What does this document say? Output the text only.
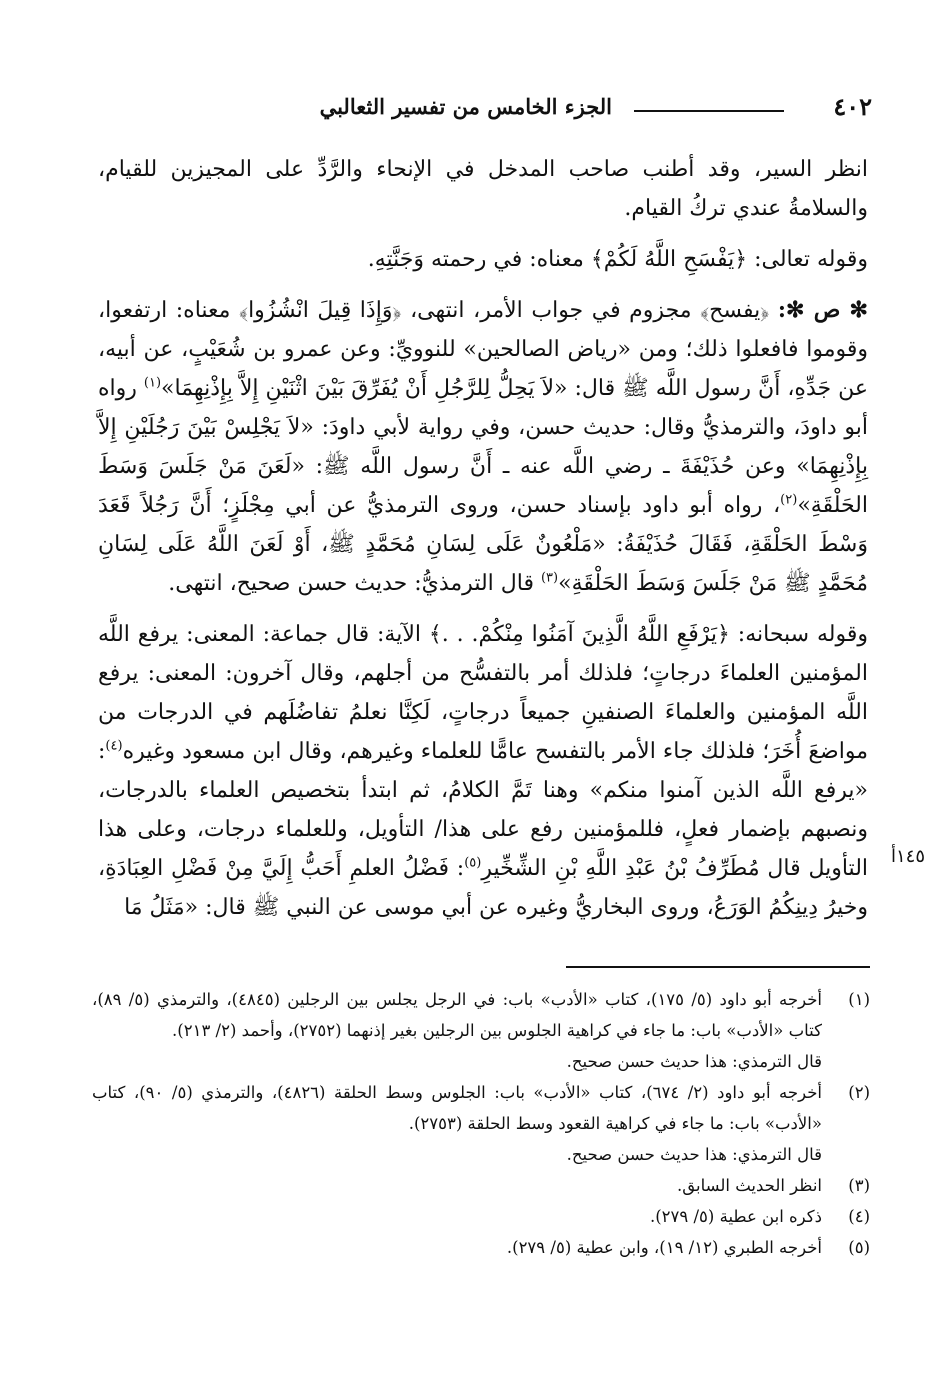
٤٠٢
الجزء الخامس من تفسير الثعالبي
١٤٥أ

انظر السير، وقد أطنب صاحب المدخل في الإنحاء والرَّدِّ على المجيزين للقيام، والسلامةُ عندي تركُ القيام.

وقوله تعالى: ﴿يَفْسَحِ اللَّهُ لَكُمْ﴾ معناه: في رحمته وَجَنَّتِهِ.

✻ ص ✻: ﴿يفسح﴾ مجزوم في جواب الأمر، انتهى، ﴿وَإِذَا قِيلَ انْشُزُوا﴾ معناه: ارتفعوا، وقوموا فافعلوا ذلك؛ ومن «رياض الصالحين» للنوويِّ: وعن عمرو بن شُعَيْبٍ، عن أبيه، عن جَدِّهِ، أَنَّ رسول اللَّه ﷺ قال: «لاَ يَحِلُّ لِلرَّجُلِ أَنْ يُفَرِّقَ بَيْنَ اثْنَيْنِ إِلاَّ بِإِذْنِهِمَا»$^{(١)}$ رواه أبو داودَ، والترمذيُّ وقال: حديث حسن، وفي رواية لأبي داودَ: «لاَ يَجْلِسْ بَيْنَ رَجُلَيْنِ إِلاَّ بِإِذْنِهِمَا» وعن حُذَيْفَةَ ـ رضي اللَّه عنه ـ أَنَّ رسول اللَّه ﷺ: «لَعَنَ مَنْ جَلَسَ وَسَطَ الحَلْقَةِ»$^{(٢)}$، رواه أبو داود بإسناد حسن، وروى الترمذيُّ عن أبي مِجْلَزٍ؛ أَنَّ رَجُلاً قَعَدَ وَسْطَ الحَلْقَةِ، فَقَالَ حُذَيْفَةُ: «مَلْعُونٌ عَلَى لِسَانِ مُحَمَّدٍ ﷺ، أَوْ لَعَنَ اللَّهُ عَلَى لِسَانِ مُحَمَّدٍ ﷺ مَنْ جَلَسَ وَسَطَ الحَلْقَةِ»$^{(٣)}$ قال الترمذيُّ: حديث حسن صحيح، انتهى.

وقوله سبحانه: ﴿يَرْفَعِ اللَّهُ الَّذِينَ آمَنُوا مِنْكُمْ. . .﴾ الآية: قال جماعة: المعنى: يرفع اللَّه المؤمنين العلماءَ درجاتٍ؛ فلذلك أمر بالتفسُّح من أجلهم، وقال آخرون: المعنى: يرفع اللَّه المؤمنين والعلماءَ الصنفينِ جميعاً درجاتٍ، لَكِنَّا نعلمُ تفاضُلَهم في الدرجات من مواضعَ أُخَرَ؛ فلذلك جاء الأمر بالتفسح عامًّا للعلماء وغيرهم، وقال ابن مسعود وغيره$^{(٤)}$: «يرفع اللَّه الذين آمنوا منكم» وهنا تَمَّ الكلامُ، ثم ابتدأ بتخصيص العلماء بالدرجات، ونصبهم بإضمار فعلٍ، فللمؤمنين رفع على هذا/ التأويل، وللعلماء درجات، وعلى هذا التأويل قال مُطَرِّفُ بْنُ عَبْدِ اللَّهِ بْنِ الشِّخِّيرِ$^{(٥)}$: فَضْلُ العلمِ أَحَبُّ إِلَيَّ مِنْ فَضْلِ العِبَادَةِ، وخيرُ دِينِكُمُ الوَرَعُ، وروى البخاريُّ وغيره عن أبي موسى عن النبي ﷺ قال: «مَثَلُ مَا

(١)
أخرجه أبو داود (٥/ ١٧٥)، كتاب «الأدب» باب: في الرجل يجلس بين الرجلين (٤٨٤٥)، والترمذي (٥/ ٨٩)، كتاب «الأدب» باب: ما جاء في كراهية الجلوس بين الرجلين بغير إذنهما (٢٧٥٢)، وأحمد (٢/ ٢١٣).
قال الترمذي: هذا حديث حسن صحيح.
(٢)
أخرجه أبو داود (٢/ ٦٧٤)، كتاب «الأدب» باب: الجلوس وسط الحلقة (٤٨٢٦)، والترمذي (٥/ ٩٠)، كتاب «الأدب» باب: ما جاء في كراهية القعود وسط الحلقة (٢٧٥٣).
قال الترمذي: هذا حديث حسن صحيح.
(٣)
انظر الحديث السابق.
(٤)
ذكره ابن عطية (٥/ ٢٧٩).
(٥)
أخرجه الطبري (١٢/ ١٩)، وابن عطية (٥/ ٢٧٩).
